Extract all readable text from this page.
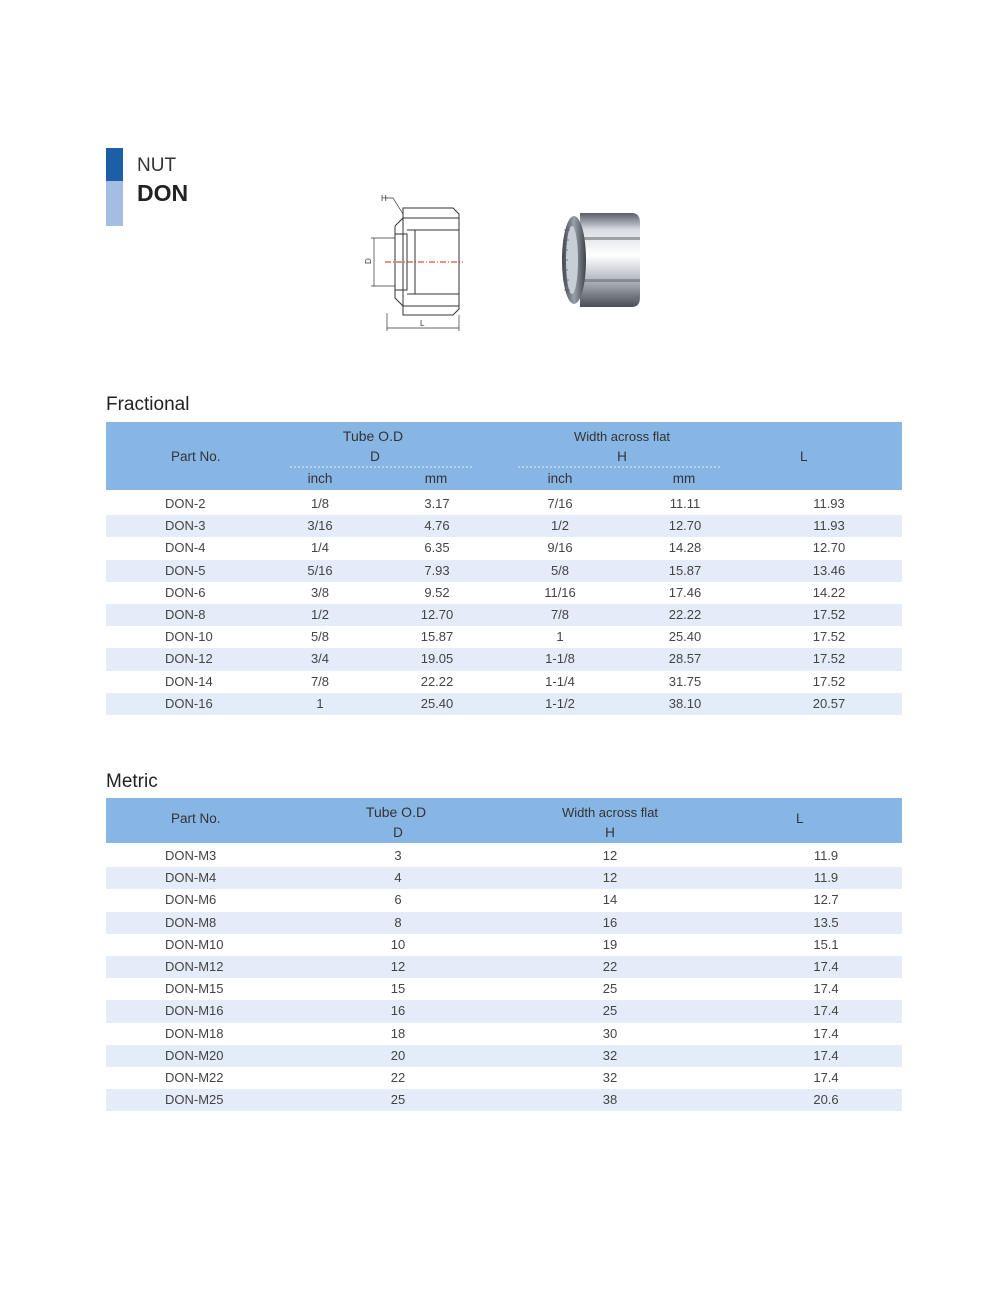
NUT
DON	H
D
L
Fractional
Part No.
Tube O.D
D
Width across flat
H	L
inch	mm	inch	mm
DON-2	1/8	3.17	7/16	11.11	11.93
DON-3	3/16	4.76	1/2	12.70	11.93
DON-4	1/4	6.35	9/16	14.28	12.70
DON-5	5/16	7.93	5/8	15.87	13.46
DON-6	3/8	9.52	11/16	17.46	14.22
DON-8	1/2	12.70	7/8	22.22	17.52
DON-10	5/8	15.87	1	25.40	17.52
DON-12	3/4	19.05	1-1/8	28.57	17.52
DON-14	7/8	22.22	1-1/4	31.75	17.52
DON-16	1	25.40	1-1/2	38.10	20.57
Metric
Part No.	Tube O.D
D
Width across flat
H
L
DON-M3	3	12	11.9
DON-M4	4	12	11.9
DON-M6	6	14	12.7
DON-M8	8	16	13.5
DON-M10	10	19	15.1
DON-M12	12	22	17.4
DON-M15	15	25	17.4
DON-M16	16	25	17.4
DON-M18	18	30	17.4
DON-M20	20	32	17.4
DON-M22	22	32	17.4
DON-M25	25	38	20.6
